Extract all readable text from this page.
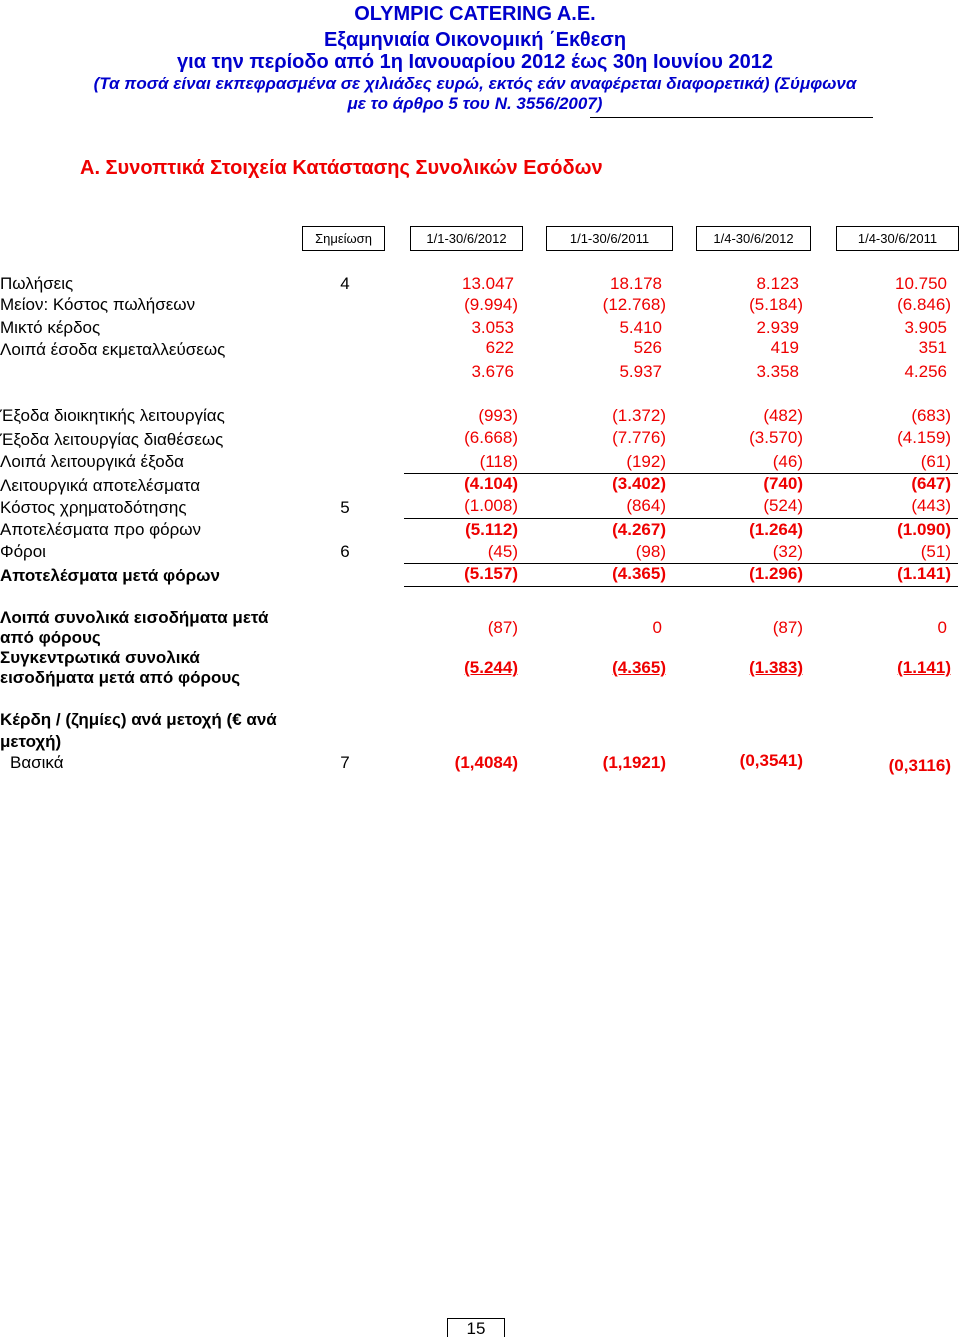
OLYMPIC CATERING A.E.
Εξαμηνιαία Οικονομική ΄Εκθεση
για την περίοδο από 1η Ιανουαρίου 2012 έως 30η Ιουνίου 2012
(Τα ποσά είναι εκπεφρασμένα σε χιλιάδες ευρώ, εκτός εάν αναφέρεται διαφορετικά) (Σύμφωνα
με το άρθρο 5 του Ν. 3556/2007)
Α. Συνοπτικά Στοιχεία Κατάστασης Συνολικών Εσόδων
Σημείωση	1/1-30/6/2012	1/1-30/6/2011	1/4-30/6/2012	1/4-30/6/2011
Πωλήσεις	4	13.047	18.178	8.123	10.750
Μείον: Κόστος πωλήσεων	(9.994)	(12.768)	(5.184)	(6.846)
Μικτό κέρδος	3.053	5.410	2.939	3.905
Λοιπά έσοδα εκμεταλλεύσεως	622	526	419	351
3.676	5.937	3.358	4.256
Έξοδα διοικητικής λειτουργίας	(993)	(1.372)	(482)	(683)
Έξοδα λειτουργίας διαθέσεως	(6.668)	(7.776)	(3.570)	(4.159)
Λοιπά λειτουργικά έξοδα	(118)	(192)	(46)	(61)
Λειτουργικά αποτελέσματα	(4.104)	(3.402)	(740)	(647)
Κόστος χρηματοδότησης	5	(1.008)	(864)	(524)	(443)
Αποτελέσματα προ φόρων	(5.112)	(4.267)	(1.264)	(1.090)
Φόροι	6	(45)	(98)	(32)	(51)
Αποτελέσματα μετά φόρων	(5.157)	(4.365)	(1.296)	(1.141)
Λοιπά συνολικά εισοδήματα μετά
από φόρους
(87)	0	(87)	0
Συγκεντρωτικά συνολικά
εισοδήματα μετά από φόρους
(5.244)	(4.365)	(1.383)	(1.141)
Κέρδη / (ζημίες) ανά μετοχή (€ ανά
μετοχή)
Βασικά	7	(1,4084)	(1,1921)	(0,3541)	(0,3116)
15
